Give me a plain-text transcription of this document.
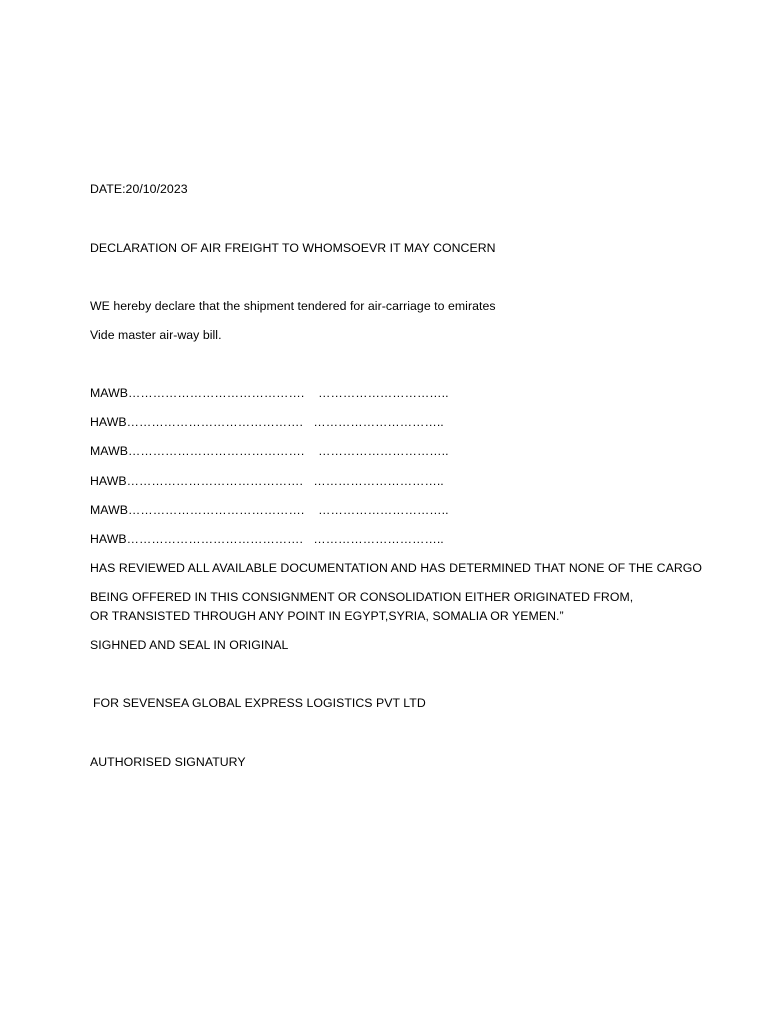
DATE:20/10/2023
DECLARATION OF AIR FREIGHT TO WHOMSOEVR IT MAY CONCERN
WE hereby declare that the shipment tendered for air-carriage to emirates
Vide master air-way bill.
MAWB…………………………………….    …………………………..
HAWB…………………………………….   …………………………..
MAWB…………………………………….    …………………………..
HAWB…………………………………….   …………………………..
MAWB…………………………………….    …………………………..
HAWB…………………………………….   …………………………..
HAS REVIEWED ALL AVAILABLE DOCUMENTATION AND HAS DETERMINED THAT NONE OF THE CARGO
BEING OFFERED IN THIS CONSIGNMENT OR CONSOLIDATION EITHER ORIGINATED FROM, OR TRANSISTED THROUGH ANY POINT IN EGYPT,SYRIA, SOMALIA OR YEMEN.”
SIGHNED AND SEAL IN ORIGINAL
FOR SEVENSEA GLOBAL EXPRESS LOGISTICS PVT LTD
AUTHORISED SIGNATURY
